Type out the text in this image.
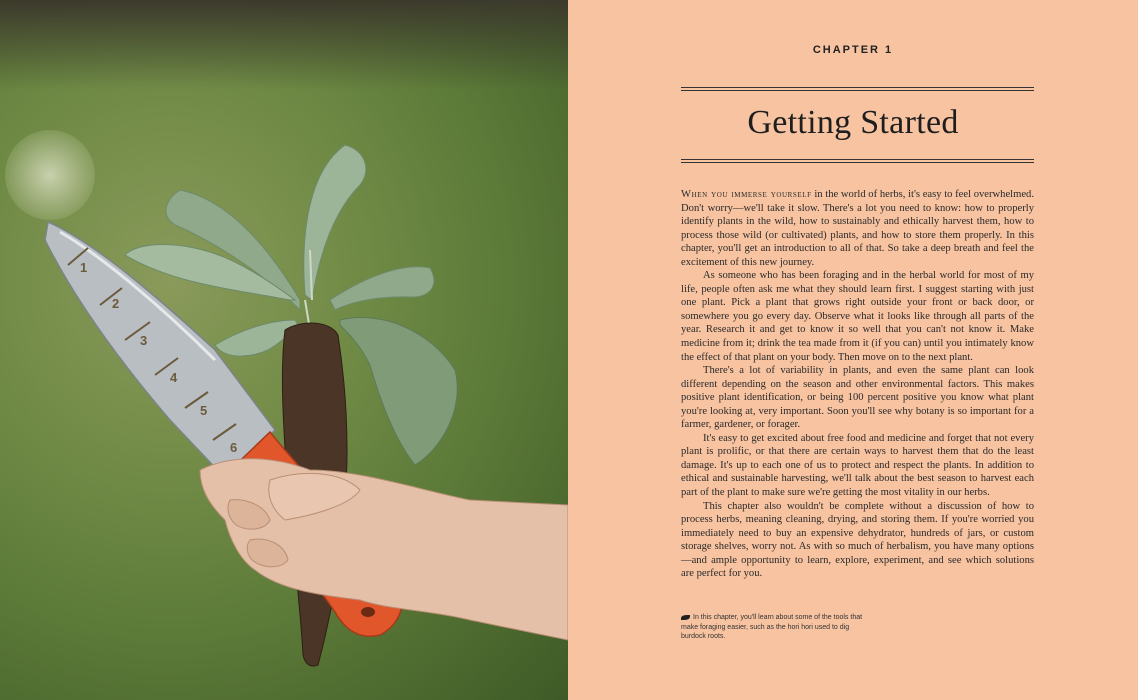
1
2
3
4
5
6
CHAPTER 1
Getting Started

When you immerse yourself in the world of herbs, it's easy to feel overwhelmed. Don't worry—we'll take it slow. There's a lot you need to know: how to properly identify plants in the wild, how to sustainably and ethically harvest them, how to process those wild (or cultivated) plants, and how to store them properly. In this chapter, you'll get an introduction to all of that. So take a deep breath and feel the excitement of this new journey.

As someone who has been foraging and in the herbal world for most of my life, people often ask me what they should learn first. I suggest starting with just one plant. Pick a plant that grows right outside your front or back door, or somewhere you go every day. Observe what it looks like through all parts of the year. Research it and get to know it so well that you can't not know it. Make medicine from it; drink the tea made from it (if you can) until you intimately know the effect of that plant on your body. Then move on to the next plant.

There's a lot of variability in plants, and even the same plant can look different depending on the season and other environmental factors. This makes positive plant identification, or being 100 percent positive you know what plant you're looking at, very important. Soon you'll see why botany is so important for a farmer, gardener, or forager.

It's easy to get excited about free food and medicine and forget that not every plant is prolific, or that there are certain ways to harvest them that do the least damage. It's up to each one of us to protect and respect the plants. In addition to ethical and sustainable harvesting, we'll talk about the best season to harvest each part of the plant to make sure we're getting the most vitality in our herbs.

This chapter also wouldn't be complete without a discussion of how to process herbs, meaning cleaning, drying, and storing them. If you're worried you immediately need to buy an expensive dehydrator, hundreds of jars, or custom storage shelves, worry not. As with so much of herbalism, you have many options—and ample opportunity to learn, explore, experiment, and see which solutions are perfect for you.

In this chapter, you'll learn about some of the tools that make foraging easier, such as the hori hori used to dig burdock roots.
